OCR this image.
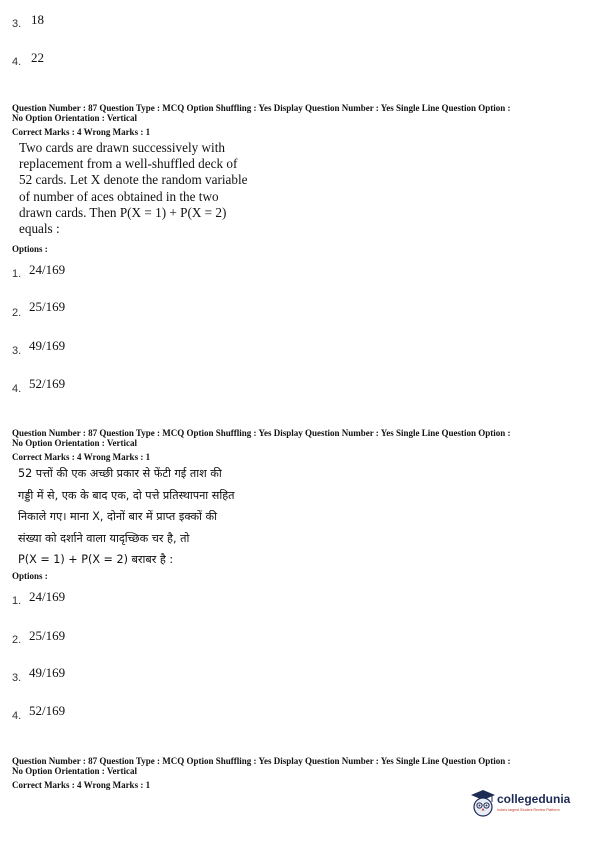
3. 18
4. 22
Question Number : 87 Question Type : MCQ Option Shuffling : Yes Display Question Number : Yes Single Line Question Option :
No Option Orientation : Vertical
Correct Marks : 4 Wrong Marks : 1
Two cards are drawn successively with
replacement from a well-shuffled deck of
52 cards. Let X denote the random variable
of number of aces obtained in the two
drawn cards. Then P(X = 1) + P(X = 2)
equals :
Options :
1. 24/169
2. 25/169
3. 49/169
4. 52/169
Question Number : 87 Question Type : MCQ Option Shuffling : Yes Display Question Number : Yes Single Line Question Option :
No Option Orientation : Vertical
Correct Marks : 4 Wrong Marks : 1
52 पत्तों की एक अच्छी प्रकार से फेंटी गई ताश की
गड्डी में से, एक के बाद एक, दो पत्ते प्रतिस्थापना सहित
निकाले गए। माना X, दोनों बार में प्राप्त इक्कों की
संख्या को दर्शाने वाला यादृच्छिक चर है, तो
P(X = 1) + P(X = 2) बराबर है :
Options :
1. 24/169
2. 25/169
3. 49/169
4. 52/169
Question Number : 87 Question Type : MCQ Option Shuffling : Yes Display Question Number : Yes Single Line Question Option :
No Option Orientation : Vertical
Correct Marks : 4 Wrong Marks : 1
collegedunia
India's largest Student Review Platform
